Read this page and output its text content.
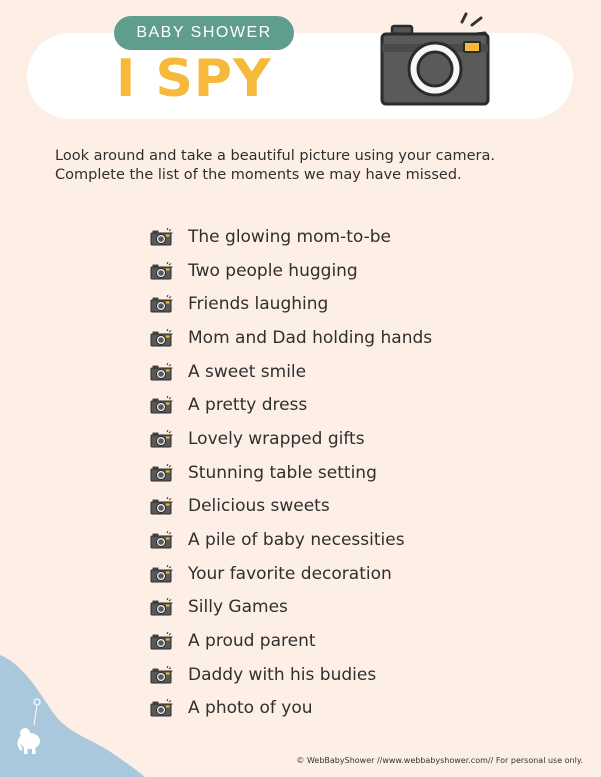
BABY SHOWER
I SPY

Look around and take a beautiful picture using your camera.

Complete the list of the moments we may have missed.

The glowing mom-to-be
Two people hugging
Friends laughing
Mom and Dad holding hands
A sweet smile
A pretty dress
Lovely wrapped gifts
Stunning table setting
Delicious sweets
A pile of baby necessities
Your favorite decoration
Silly Games
A proud parent
Daddy with his budies
A photo of you
© WebBabyShower //www.webbabyshower.com// For personal use only.
